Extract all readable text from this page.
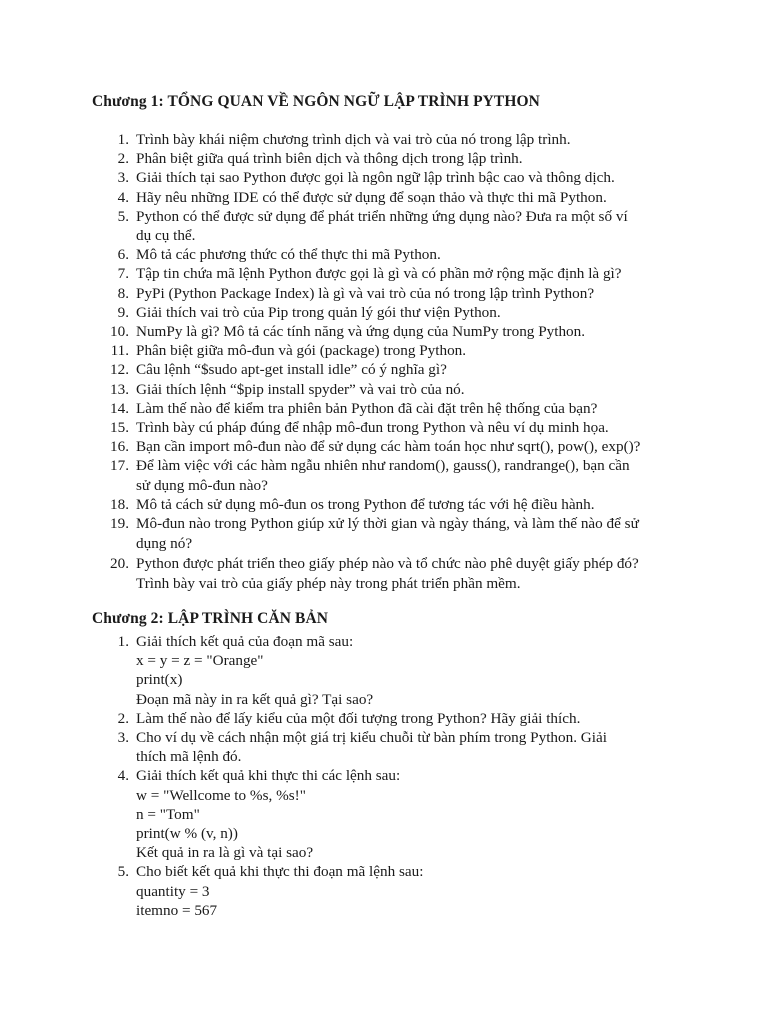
Chương 1: TỔNG QUAN VỀ NGÔN NGỮ LẬP TRÌNH PYTHON
1. Trình bày khái niệm chương trình dịch và vai trò của nó trong lập trình.
2. Phân biệt giữa quá trình biên dịch và thông dịch trong lập trình.
3. Giải thích tại sao Python được gọi là ngôn ngữ lập trình bậc cao và thông dịch.
4. Hãy nêu những IDE có thể được sử dụng để soạn thảo và thực thi mã Python.
5. Python có thể được sử dụng để phát triển những ứng dụng nào? Đưa ra một số ví
dụ cụ thể.
6. Mô tả các phương thức có thể thực thi mã Python.
7. Tập tin chứa mã lệnh Python được gọi là gì và có phần mở rộng mặc định là gì?
8. PyPi (Python Package Index) là gì và vai trò của nó trong lập trình Python?
9. Giải thích vai trò của Pip trong quản lý gói thư viện Python.
10. NumPy là gì? Mô tả các tính năng và ứng dụng của NumPy trong Python.
11. Phân biệt giữa mô-đun và gói (package) trong Python.
12. Câu lệnh “$sudo apt-get install idle” có ý nghĩa gì?
13. Giải thích lệnh “$pip install spyder” và vai trò của nó.
14. Làm thế nào để kiểm tra phiên bản Python đã cài đặt trên hệ thống của bạn?
15. Trình bày cú pháp đúng để nhập mô-đun trong Python và nêu ví dụ minh họa.
16. Bạn cần import mô-đun nào để sử dụng các hàm toán học như sqrt(), pow(), exp()?
17. Để làm việc với các hàm ngẫu nhiên như random(), gauss(), randrange(), bạn cần
sử dụng mô-đun nào?
18. Mô tả cách sử dụng mô-đun os trong Python để tương tác với hệ điều hành.
19. Mô-đun nào trong Python giúp xử lý thời gian và ngày tháng, và làm thế nào để sử
dụng nó?
20. Python được phát triển theo giấy phép nào và tổ chức nào phê duyệt giấy phép đó?
Trình bày vai trò của giấy phép này trong phát triển phần mềm.
Chương 2: LẬP TRÌNH CĂN BẢN
1. Giải thích kết quả của đoạn mã sau:
x = y = z = "Orange"
print(x)
Đoạn mã này in ra kết quả gì? Tại sao?
2. Làm thế nào để lấy kiểu của một đối tượng trong Python? Hãy giải thích.
3. Cho ví dụ về cách nhận một giá trị kiểu chuỗi từ bàn phím trong Python. Giải
thích mã lệnh đó.
4. Giải thích kết quả khi thực thi các lệnh sau:
w = "Wellcome to %s, %s!"
n = "Tom"
print(w % (v, n))
Kết quả in ra là gì và tại sao?
5. Cho biết kết quả khi thực thi đoạn mã lệnh sau:
quantity = 3
itemno = 567
